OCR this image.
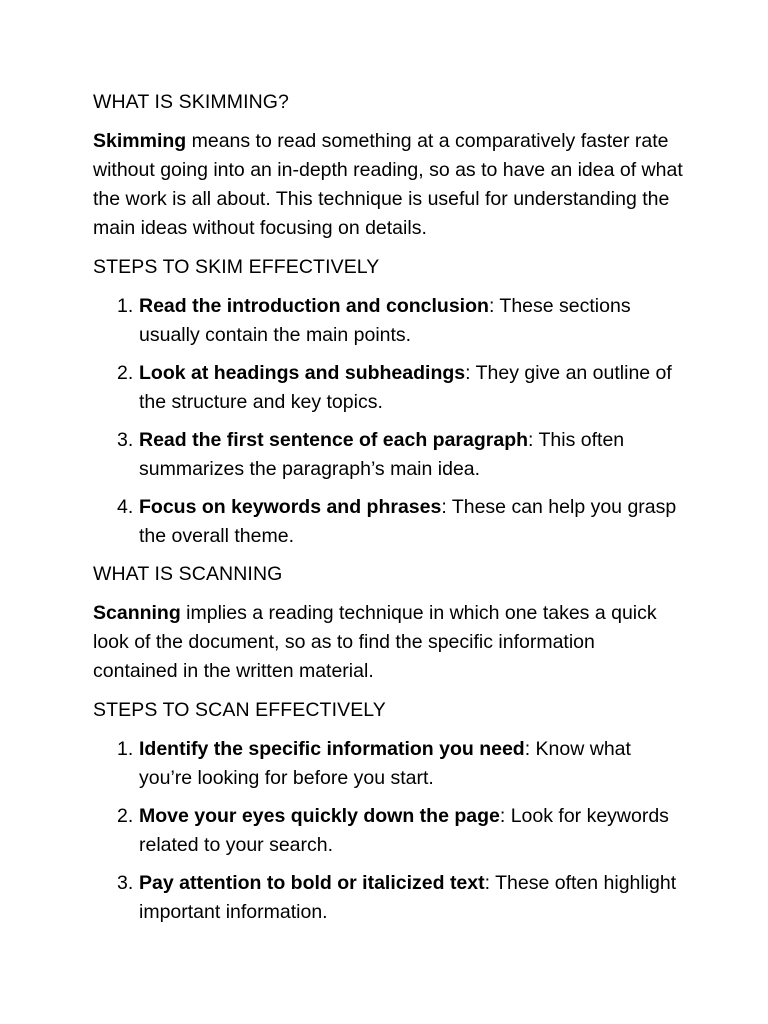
WHAT IS SKIMMING?

Skimming means to read something at a comparatively faster rate without going into an in-depth reading, so as to have an idea of what the work is all about. This technique is useful for understanding the main ideas without focusing on details.

STEPS TO SKIM EFFECTIVELY
1. Read the introduction and conclusion: These sections usually contain the main points.
2. Look at headings and subheadings: They give an outline of the structure and key topics.
3. Read the first sentence of each paragraph: This often summarizes the paragraph’s main idea.
4. Focus on keywords and phrases: These can help you grasp the overall theme.
WHAT IS SCANNING

Scanning implies a reading technique in which one takes a quick look of the document, so as to find the specific information contained in the written material.

STEPS TO SCAN EFFECTIVELY
1. Identify the specific information you need: Know what you’re looking for before you start.
2. Move your eyes quickly down the page: Look for keywords related to your search.
3. Pay attention to bold or italicized text: These often highlight important information.
